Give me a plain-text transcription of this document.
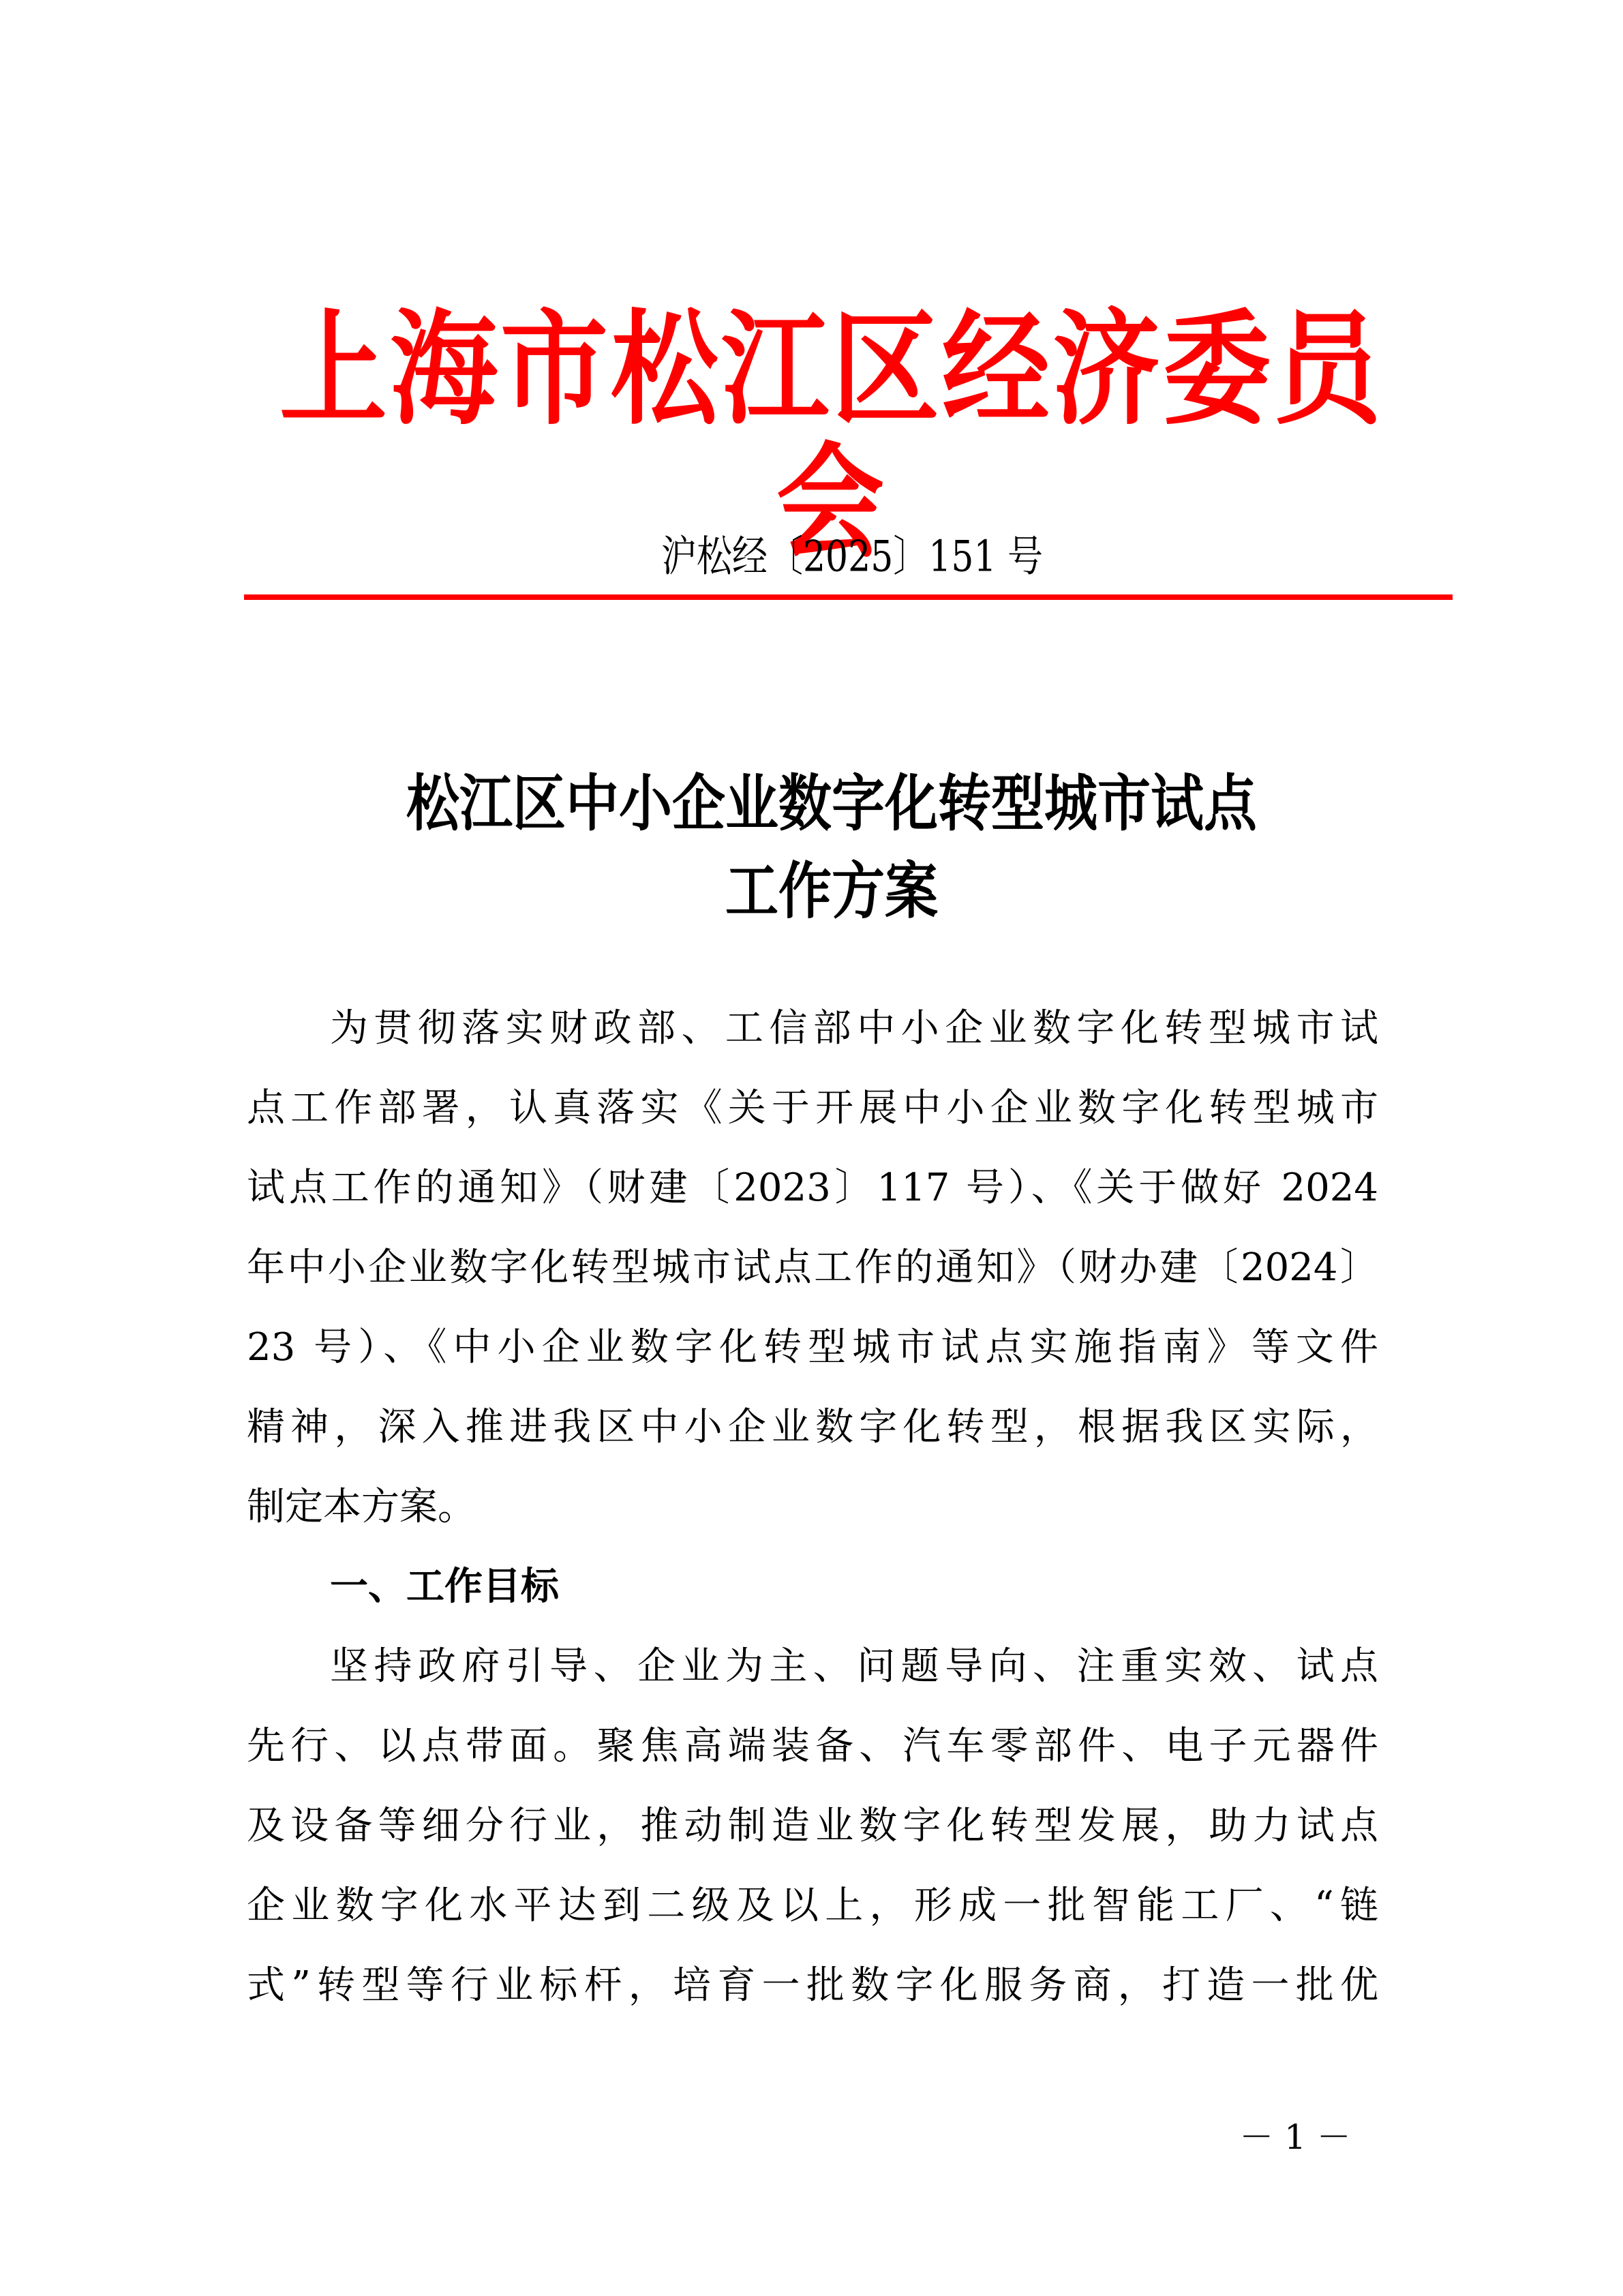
上海市松江区经济委员会
沪松经〔2025〕151 号
松江区中小企业数字化转型城市试点
工作方案
为贯彻落实财政部、工信部中小企业数字化转型城市试
点工作部署，认真落实《关于开展中小企业数字化转型城市
试点工作的通知》（财建〔2023〕117 号）、《关于做好 2024
年中小企业数字化转型城市试点工作的通知》（财办建〔2024〕
23 号）、《中小企业数字化转型城市试点实施指南》等文件
精神，深入推进我区中小企业数字化转型，根据我区实际，
制定本方案。
一、工作目标
坚持政府引导、企业为主、问题导向、注重实效、试点
先行、以点带面。聚焦高端装备、汽车零部件、电子元器件
及设备等细分行业，推动制造业数字化转型发展，助力试点
企业数字化水平达到二级及以上，形成一批智能工厂、“链
式”转型等行业标杆，培育一批数字化服务商，打造一批优
－ 1 －
